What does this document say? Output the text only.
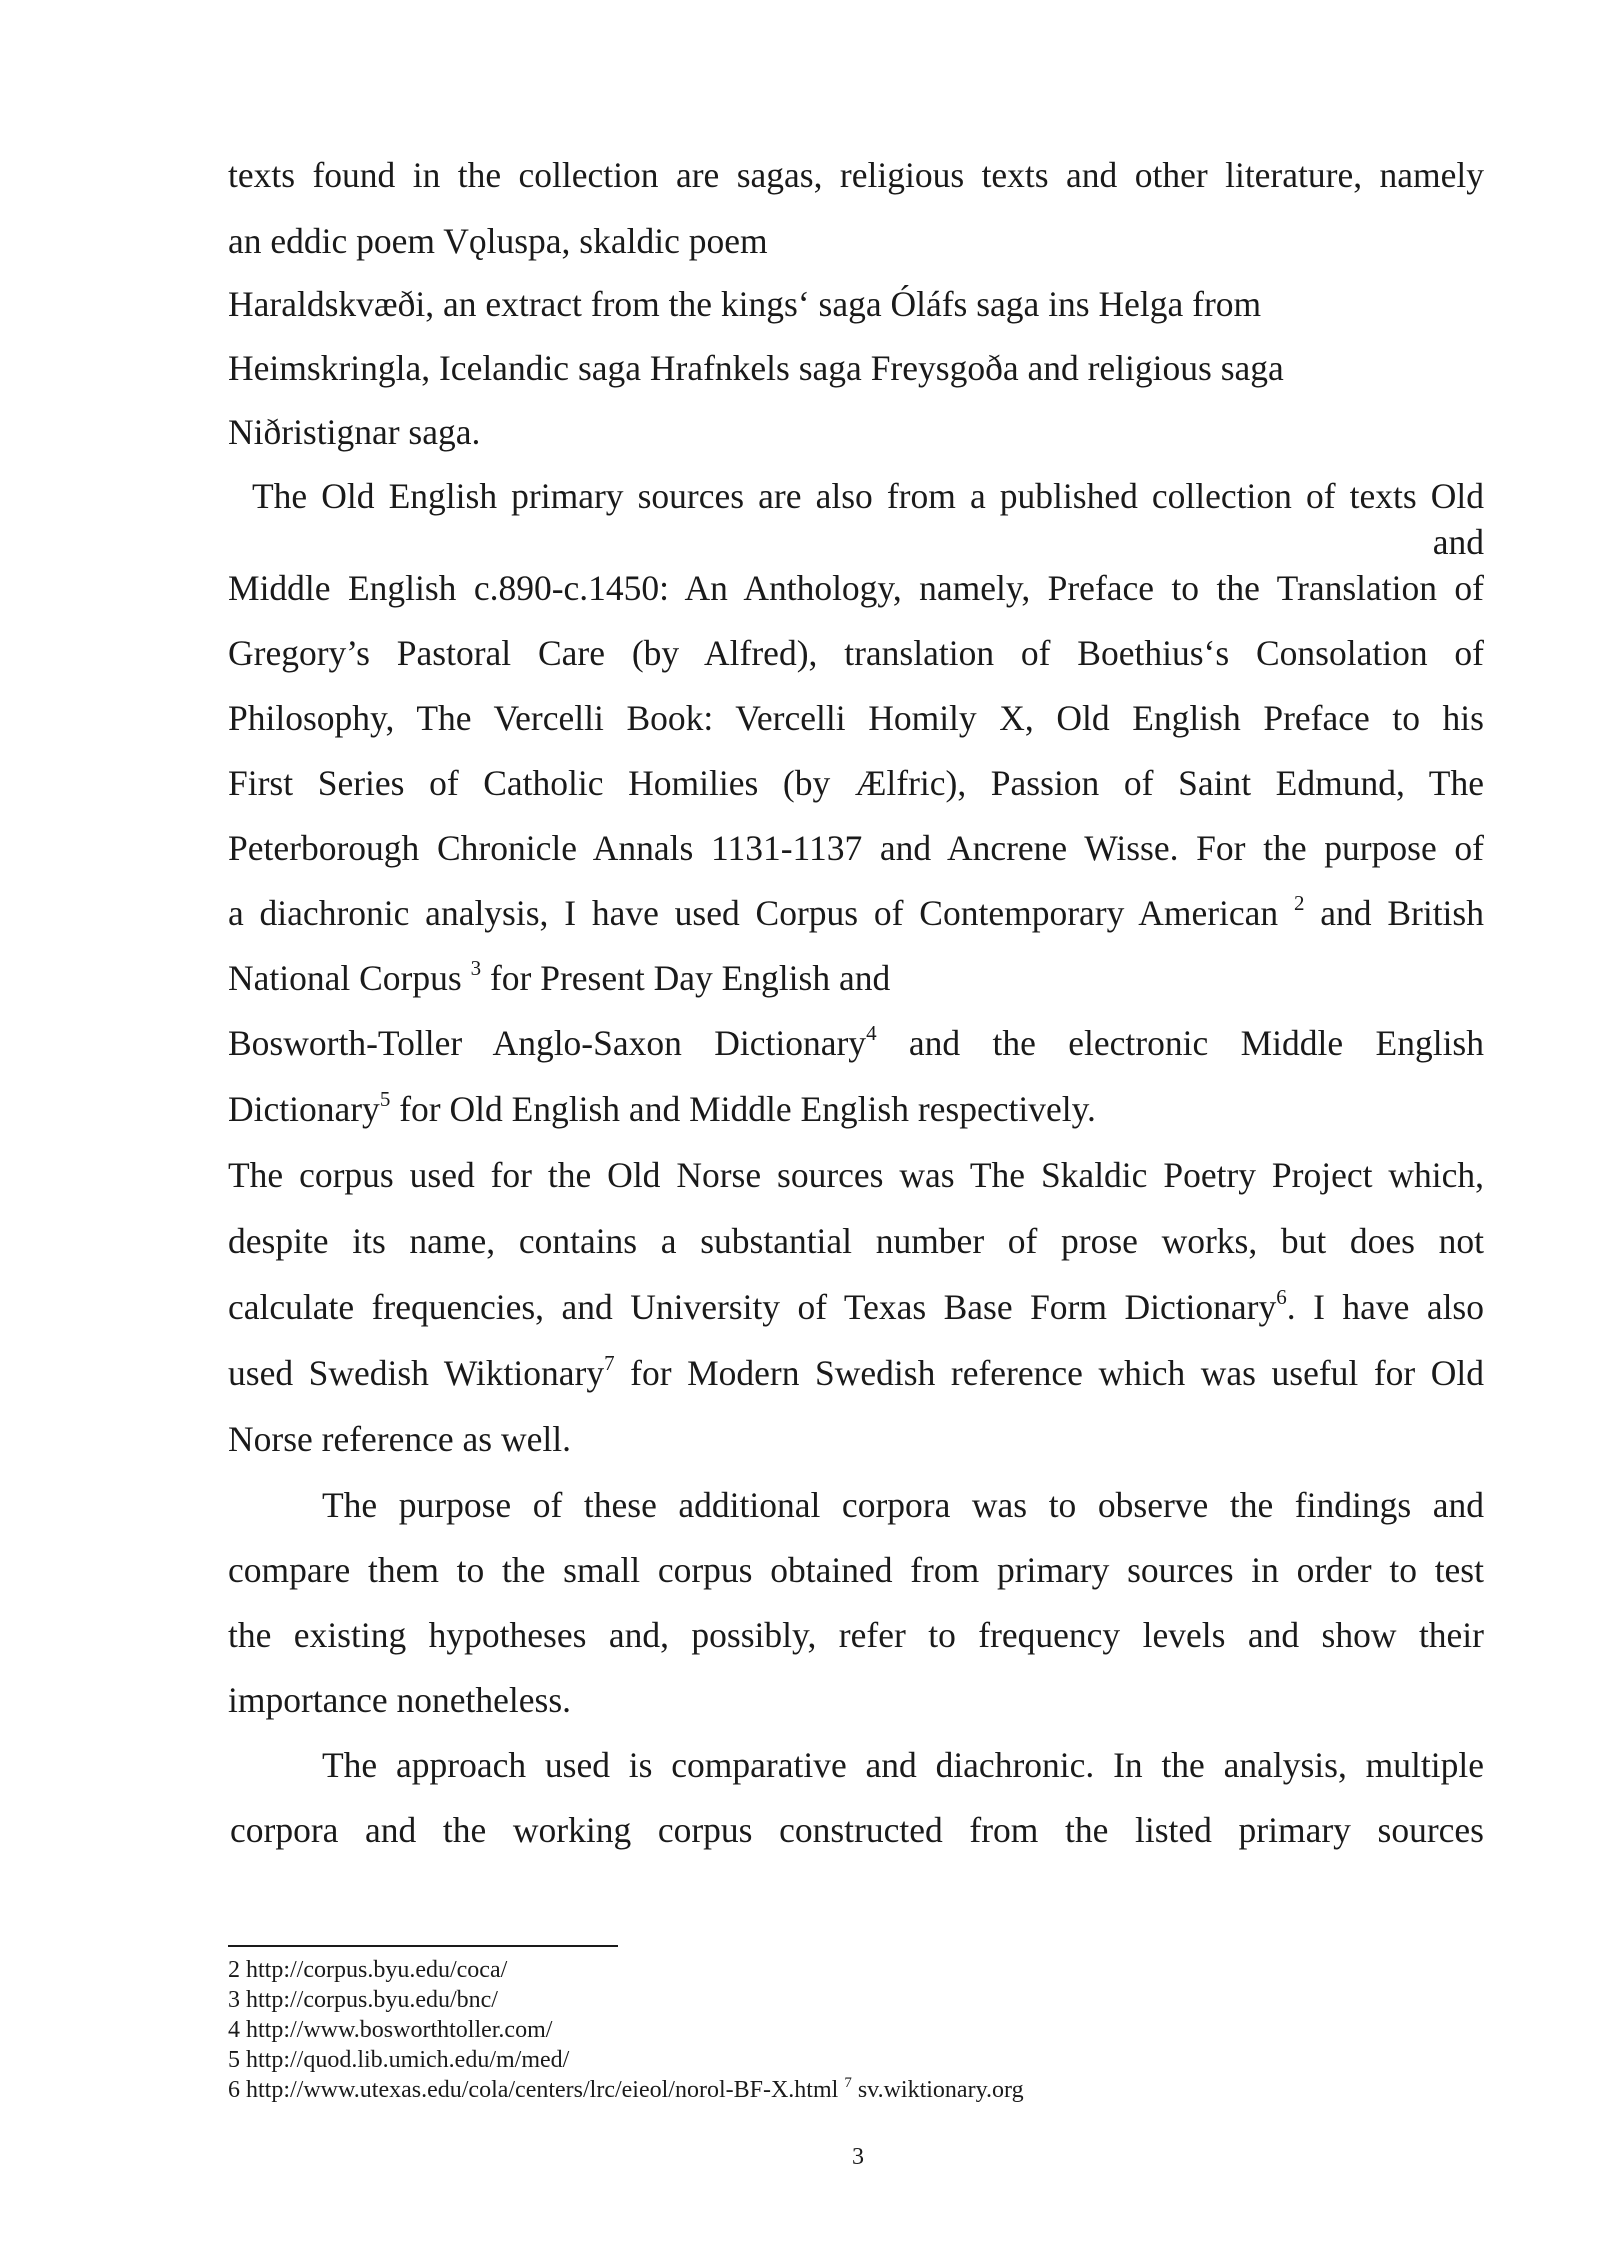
texts found in the collection are sagas, religious texts and other literature, namely
an eddic poem Vǫluspa, skaldic poem
Haraldskvæði, an extract from the kings‘ saga Óláfs saga ins Helga from
Heimskringla, Icelandic saga Hrafnkels saga Freysgoða and religious saga
Niðristignar saga.
The Old English primary sources are also from a published collection of texts Old
and
Middle English c.890-c.1450: An Anthology, namely, Preface to the Translation of
Gregory’s Pastoral Care (by Alfred), translation of Boethius‘s Consolation of
Philosophy, The Vercelli Book: Vercelli Homily X, Old English Preface to his
First Series of Catholic Homilies (by Ælfric), Passion of Saint Edmund, The
Peterborough Chronicle Annals 1131-1137 and Ancrene Wisse. For the purpose of
a diachronic analysis, I have used Corpus of Contemporary American $^2$ and British
National Corpus $^3$ for Present Day English and
Bosworth-Toller Anglo-Saxon Dictionary$^4$ and the electronic Middle English
Dictionary$^5$ for Old English and Middle English respectively.
The corpus used for the Old Norse sources was The Skaldic Poetry Project which,
despite its name, contains a substantial number of prose works, but does not
calculate frequencies, and University of Texas Base Form Dictionary$^6$. I have also
used Swedish Wiktionary$^7$ for Modern Swedish reference which was useful for Old
Norse reference as well.
The purpose of these additional corpora was to observe the findings and
compare them to the small corpus obtained from primary sources in order to test
the existing hypotheses and, possibly, refer to frequency levels and show their
importance nonetheless.
The approach used is comparative and diachronic. In the analysis, multiple
corpora and the working corpus constructed from the listed primary sources
2 http://corpus.byu.edu/coca/
3 http://corpus.byu.edu/bnc/
4 http://www.bosworthtoller.com/
5 http://quod.lib.umich.edu/m/med/
6 http://www.utexas.edu/cola/centers/lrc/eieol/norol-BF-X.html $^7$ sv.wiktionary.org
3
